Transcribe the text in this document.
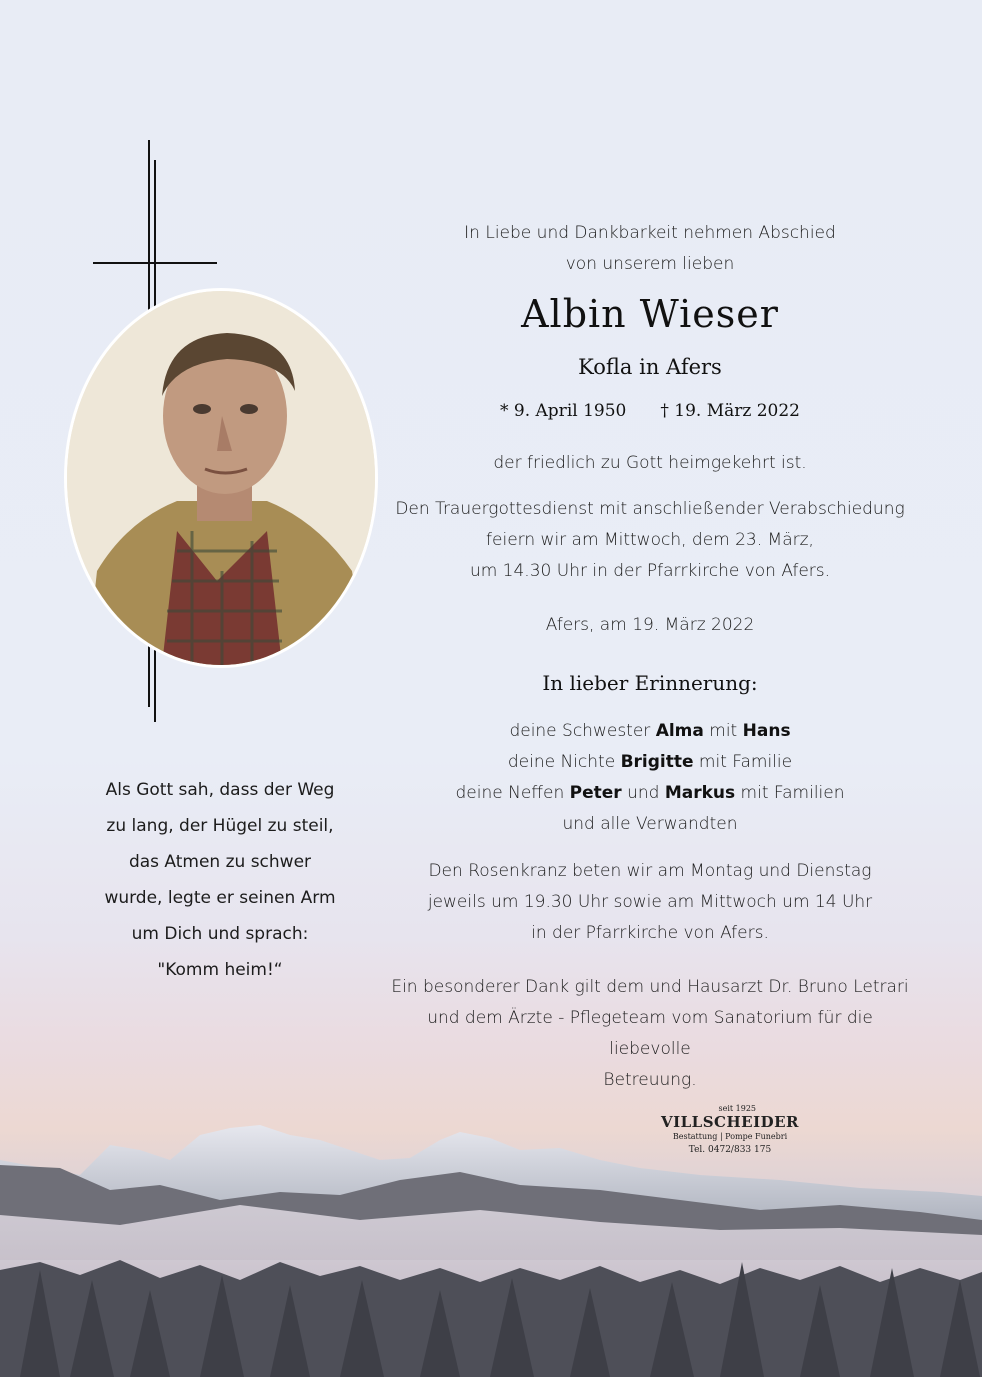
In Liebe und Dankbarkeit nehmen Abschied
von unserem lieben
Albin Wieser
Kofla in Afers
* 9. April 1950 † 19. März 2022
der friedlich zu Gott heimgekehrt ist.
Den Trauergottesdienst mit anschließender Verabschiedung
feiern wir am Mittwoch, dem 23. März,
um 14.30 Uhr in der Pfarrkirche von Afers.
Afers, am 19. März 2022
In lieber Erinnerung:
deine Schwester Alma mit Hans
deine Nichte Brigitte mit Familie
deine Neffen Peter und Markus mit Familien
und alle Verwandten
Den Rosenkranz beten wir am Montag und Dienstag
jeweils um 19.30 Uhr sowie am Mittwoch um 14 Uhr
in der Pfarrkirche von Afers.
Ein besonderer Dank gilt dem und Hausarzt Dr. Bruno Letrari
und dem Ärzte - Pflegeteam vom Sanatorium für die liebevolle
Betreuung.
Als Gott sah, dass der Weg
zu lang, der Hügel zu steil,
das Atmen zu schwer
wurde, legte er seinen Arm
um Dich und sprach:
"Komm heim!“
seit 1925
VILLSCHEIDER
Bestattung | Pompe Funebri
Tel. 0472/833 175
